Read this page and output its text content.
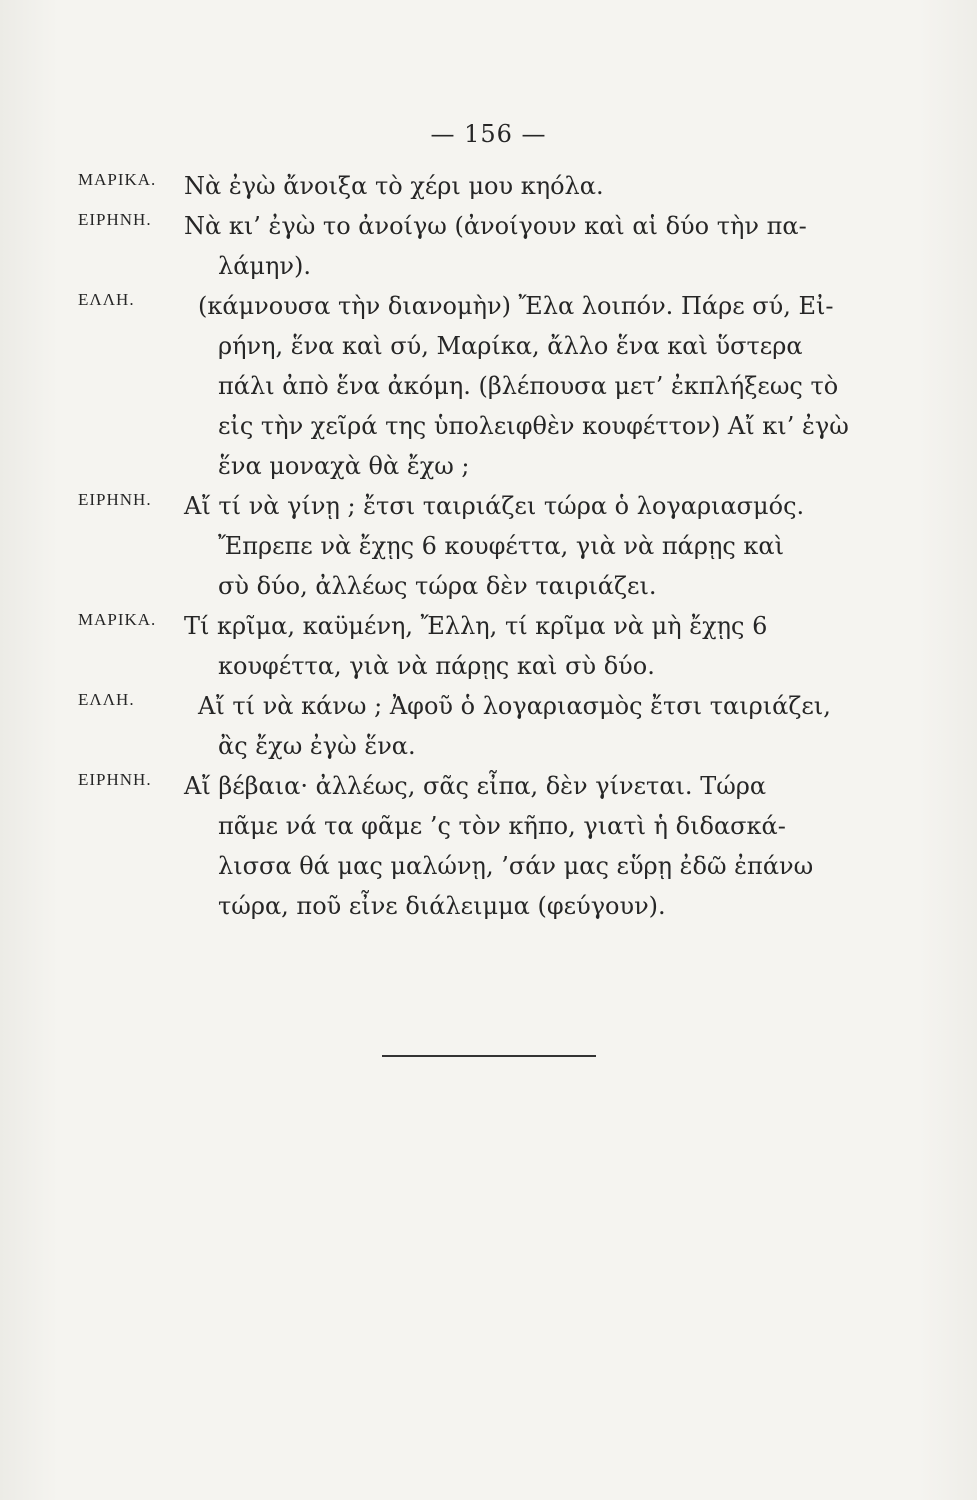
— 156 —
ΜΑΡΙΚΑ.	Νὰ ἐγὼ ἄνοιξα τὸ χέρι μου κηόλα.
ΕΙΡΗΝΗ.	Νὰ κι’ ἐγὼ το ἀνοίγω (ἀνοίγουν καὶ αἱ δύο τὴν πα-
λάμην).
ΕΛΛΗ.	(κάμνουσα τὴν διανομὴν) Ἔλα λοιπόν. Πάρε σύ, Εἰ-
ρήνη, ἕνα καὶ σύ, Μαρίκα, ἄλλο ἕνα καὶ ὕστερα
πάλι ἀπὸ ἕνα ἀκόμη. (βλέπουσα μετ’ ἐκπλήξεως τὸ
εἰς τὴν χεῖρά της ὑπολειφθὲν κουφέττον) Αἴ κι’ ἐγὼ
ἕνα μοναχὰ θὰ ἔχω ;
ΕΙΡΗΝΗ.	Αἴ τί νὰ γίνῃ ; ἔτσι ταιριάζει τώρα ὁ λογαριασμός.
Ἔπρεπε νὰ ἔχῃς 6 κουφέττα, γιὰ νὰ πάρῃς καὶ
σὺ δύο, ἀλλέως τώρα δὲν ταιριάζει.
ΜΑΡΙΚΑ.	Τί κρῖμα, καϋμένη, Ἔλλη, τί κρῖμα νὰ μὴ ἔχῃς 6
κουφέττα, γιὰ νὰ πάρῃς καὶ σὺ δύο.
ΕΛΛΗ.	Αἴ τί νὰ κάνω ; Ἀφοῦ ὁ λογαριασμὸς ἔτσι ταιριάζει,
ἂς ἔχω ἐγὼ ἕνα.
ΕΙΡΗΝΗ.	Αἴ βέβαια· ἀλλέως, σᾶς εἶπα, δὲν γίνεται. Τώρα
πᾶμε νά τα φᾶμε ’ς τὸν κῆπο, γιατὶ ἡ διδασκά-
λισσα θά μας μαλώνῃ, ’σάν μας εὕρῃ ἐδῶ ἐπάνω
τώρα, ποῦ εἶνε διάλειμμα (φεύγουν).
